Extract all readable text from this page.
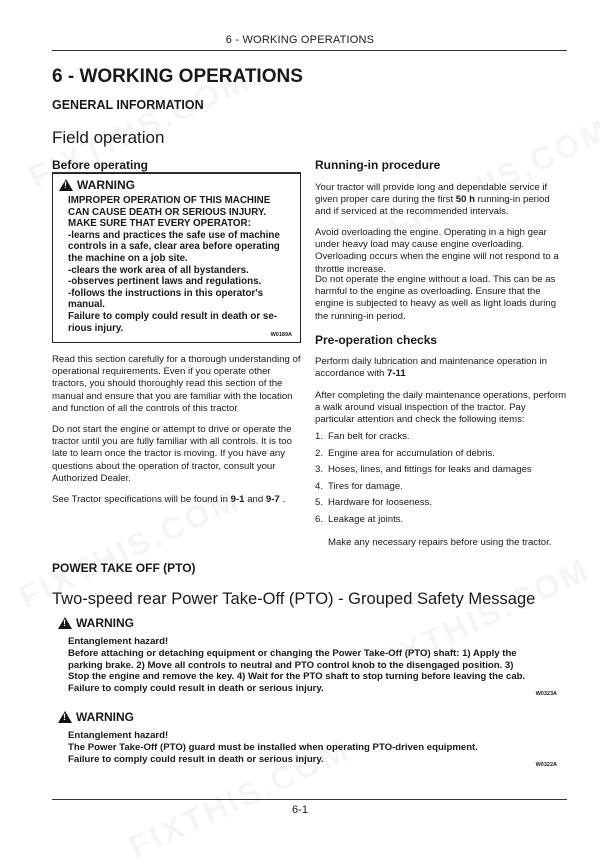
6 - WORKING OPERATIONS
6 - WORKING OPERATIONS
GENERAL INFORMATION
Field operation
Before operating
!
WARNING
IMPROPER OPERATION OF THIS MACHINE
CAN CAUSE DEATH OR SERIOUS INJURY.
MAKE SURE THAT EVERY OPERATOR:
-learns and practices the safe use of machine
controls in a safe, clear area before operating
the machine on a job site.
-clears the work area of all bystanders.
-observes pertinent laws and regulations.
-follows the instructions in this operator's
manual.
Failure to comply could result in death or se-
rious injury.
W0189A
Read this section carefully for a thorough understanding of operational requirements. Even if you operate other tractors, you should thoroughly read this section of the manual and ensure that you are familiar with the location and function of all the controls of this tractor
Do not start the engine or attempt to drive or operate the tractor until you are fully familiar with all controls. It is too late to learn once the tractor is moving. If you have any questions about the operation of tractor, consult your Authorized Dealer.
See Tractor specifications will be found in 9-1 and 9-7 .
Running-in procedure
Your tractor will provide long and dependable service if given proper care during the first 50 h running-in period and if serviced at the recommended intervals.
Avoid overloading the engine. Operating in a high gear under heavy load may cause engine overloading. Overloading occurs when the engine will not respond to a throttle increase.
Do not operate the engine without a load. This can be as harmful to the engine as overloading. Ensure that the engine is subjected to heavy as well as light loads during the running-in period.
Pre-operation checks
Perform daily lubrication and maintenance operation in accordance with 7-11
After completing the daily maintenance operations, perform a walk around visual inspection of the tractor. Pay particular attention and check the following items:
1. Fan belt for cracks.
2. Engine area for accumulation of debris.
3. Hoses, lines, and fittings for leaks and damages
4. Tires for damage.
5. Hardware for looseness.
6. Leakage at joints.
Make any necessary repairs before using the tractor.
POWER TAKE OFF (PTO)
Two-speed rear Power Take-Off (PTO) - Grouped Safety Message
!
WARNING
Entanglement hazard!
Before attaching or detaching equipment or changing the Power Take-Off (PTO) shaft: 1) Apply the
parking brake. 2) Move all controls to neutral and PTO control knob to the disengaged position. 3)
Stop the engine and remove the key. 4) Wait for the PTO shaft to stop turning before leaving the cab.
Failure to comply could result in death or serious injury.	W0323A
!
WARNING
Entanglement hazard!
The Power Take-Off (PTO) guard must be installed when operating PTO-driven equipment.
Failure to comply could result in death or serious injury.
W0322A
6-1
